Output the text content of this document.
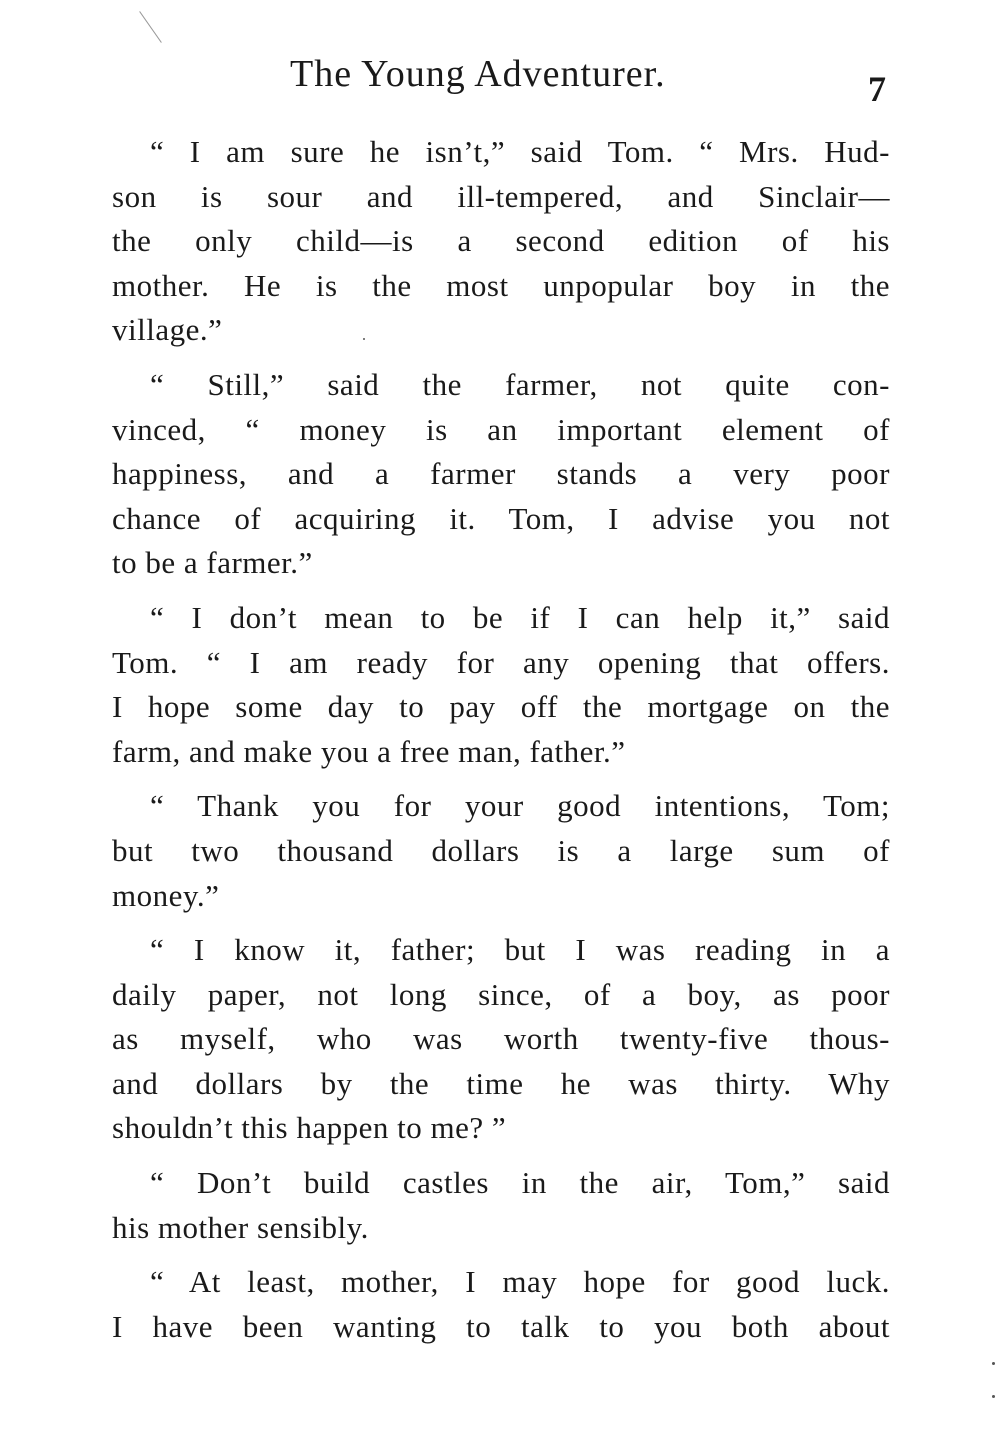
The Young Adventurer.	7

“ I am sure he isn’t,” said Tom. “ Mrs. Hud-
son is sour and ill-tempered, and Sinclair—
the only child—is a second edition of his
mother. He is the most unpopular boy in the
village.”

“ Still,” said the farmer, not quite con-
vinced, “ money is an important element of
happiness, and a farmer stands a very poor
chance of acquiring it. Tom, I advise you not
to be a farmer.”

“ I don’t mean to be if I can help it,” said
Tom. “ I am ready for any opening that offers.
I hope some day to pay off the mortgage on the
farm, and make you a free man, father.”

“ Thank you for your good intentions, Tom;
but two thousand dollars is a large sum of
money.”

“ I know it, father; but I was reading in a
daily paper, not long since, of a boy, as poor
as myself, who was worth twenty-five thous-
and dollars by the time he was thirty. Why
shouldn’t this happen to me? ”

“ Don’t build castles in the air, Tom,” said
his mother sensibly.

“ At least, mother, I may hope for good luck.
I have been wanting to talk to you both about
